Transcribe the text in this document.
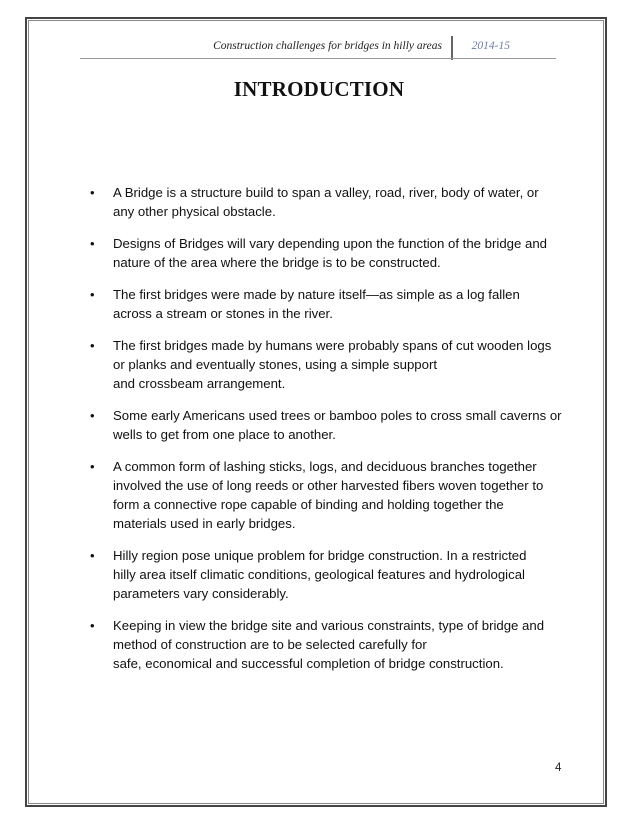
Construction challenges for bridges in hilly areas	2014-15
INTRODUCTION
• A Bridge is a structure build to span a valley, road, river, body of water, or
any other physical obstacle.
• Designs of Bridges will vary depending upon the function of the bridge and
nature of the area where the bridge is to be constructed.
• The first bridges were made by nature itself—as simple as a log fallen
across a stream or stones in the river.
• The first bridges made by humans were probably spans of cut wooden logs
or planks and eventually stones, using a simple support
and crossbeam arrangement.
• Some early Americans used trees or bamboo poles to cross small caverns or
wells to get from one place to another.
• A common form of lashing sticks, logs, and deciduous branches together
involved the use of long reeds or other harvested fibers woven together to
form a connective rope capable of binding and holding together the
materials used in early bridges.
• Hilly region pose unique problem for bridge construction. In a restricted
hilly area itself climatic conditions, geological features and hydrological
parameters vary considerably.
• Keeping in view the bridge site and various constraints, type of bridge and
method of construction are to be selected carefully for
safe, economical and successful completion of bridge construction.
4
